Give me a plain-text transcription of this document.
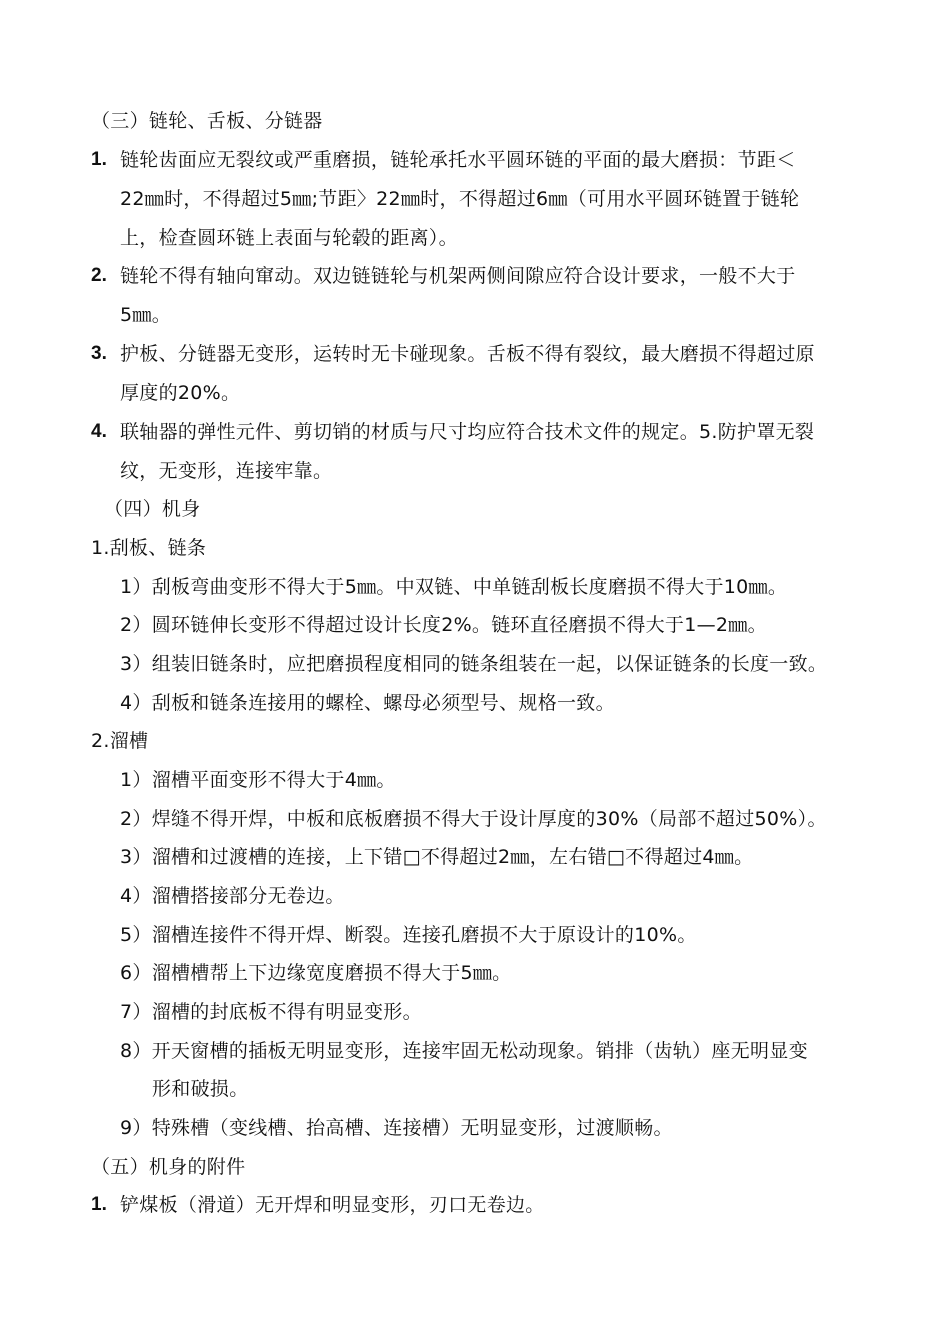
（三）链轮、舌板、分链器
1. 链轮齿面应无裂纹或严重磨损，链轮承托水平圆环链的平面的最大磨损：节距＜
22㎜时，不得超过5㎜;节距〉22㎜时，不得超过6㎜（可用水平圆环链置于链轮
上，检查圆环链上表面与轮毂的距离）。
2. 链轮不得有轴向窜动。双边链链轮与机架两侧间隙应符合设计要求，一般不大于
5㎜。
3. 护板、分链器无变形，运转时无卡碰现象。舌板不得有裂纹，最大磨损不得超过原
厚度的20%。
4. 联轴器的弹性元件、剪切销的材质与尺寸均应符合技术文件的规定。5.防护罩无裂
纹，无变形，连接牢靠。
（四）机身
1.刮板、链条
1）刮板弯曲变形不得大于5㎜。中双链、中单链刮板长度磨损不得大于10㎜。
2）圆环链伸长变形不得超过设计长度2%。链环直径磨损不得大于1—2㎜。
3）组装旧链条时，应把磨损程度相同的链条组装在一起，以保证链条的长度一致。
4）刮板和链条连接用的螺栓、螺母必须型号、规格一致。
2.溜槽
1）溜槽平面变形不得大于4㎜。
2）焊缝不得开焊，中板和底板磨损不得大于设计厚度的30%（局部不超过50%）。
3）溜槽和过渡槽的连接，上下错□不得超过2㎜，左右错□不得超过4㎜。
4）溜槽搭接部分无卷边。
5）溜槽连接件不得开焊、断裂。连接孔磨损不大于原设计的10%。
6）溜槽槽帮上下边缘宽度磨损不得大于5㎜。
7）溜槽的封底板不得有明显变形。
8）开天窗槽的插板无明显变形，连接牢固无松动现象。销排（齿轨）座无明显变
形和破损。
9）特殊槽（变线槽、抬高槽、连接槽）无明显变形，过渡顺畅。
（五）机身的附件
1. 铲煤板（滑道）无开焊和明显变形，刃口无卷边。
